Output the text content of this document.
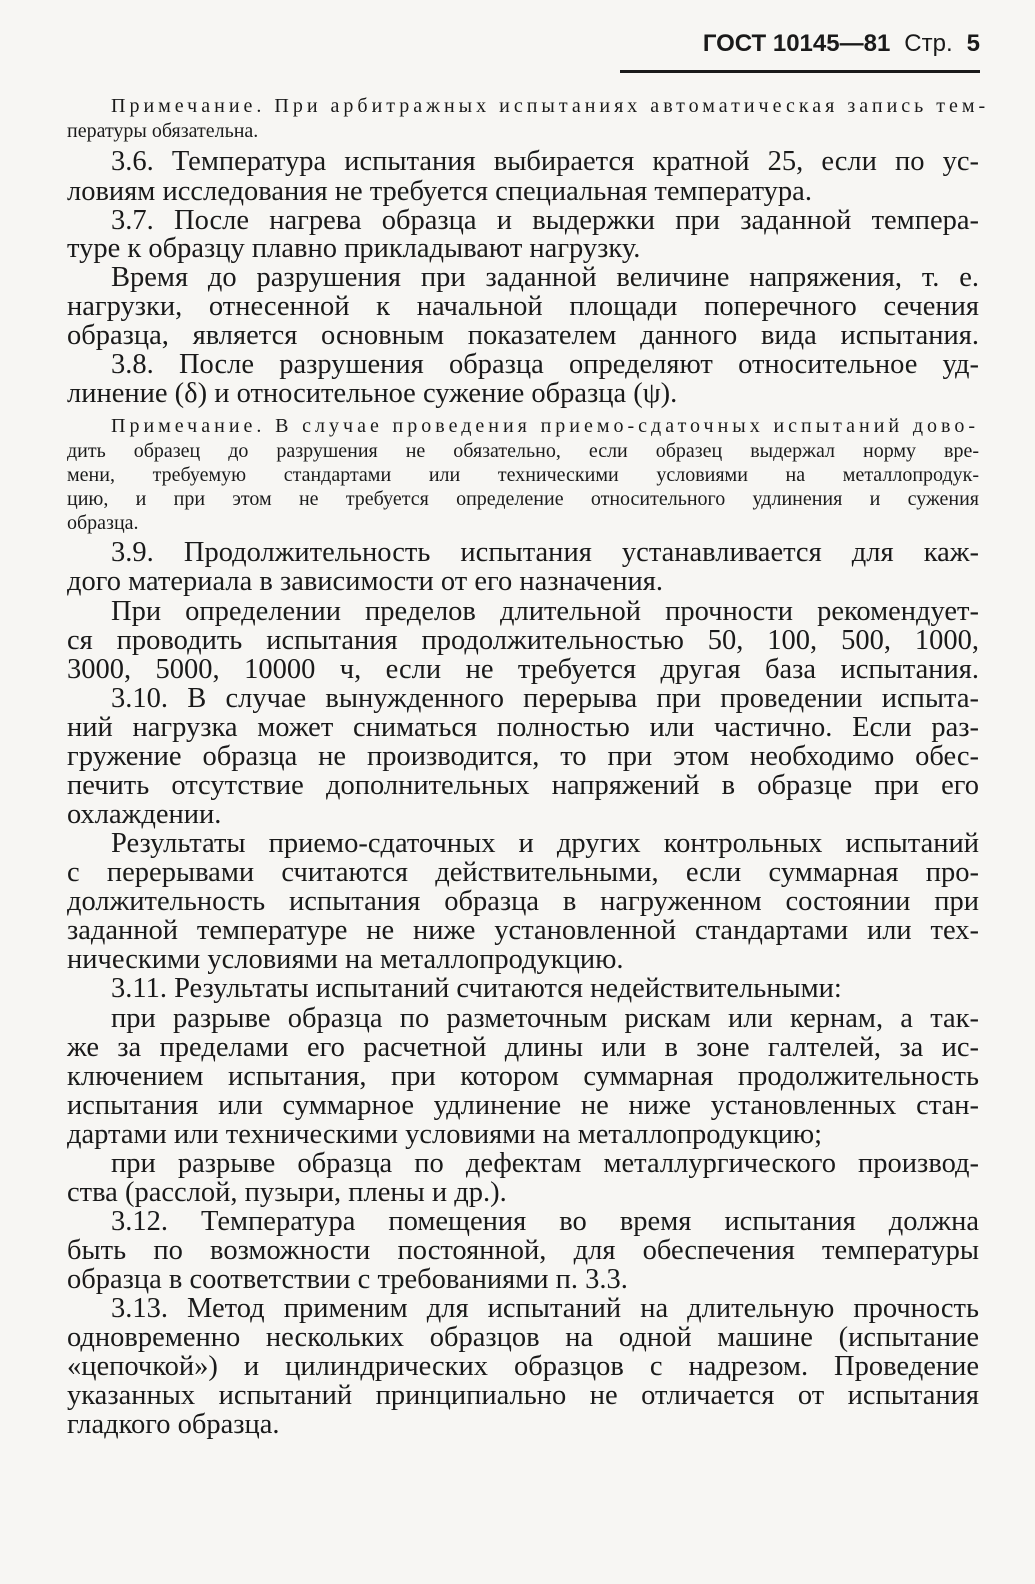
ГОСТ 10145—81 Стр. 5
Примечание. При арбитражных испытаниях автоматическая запись тем-
пературы обязательна.
3.6. Температура испытания выбирается кратной 25, если по ус-
ловиям исследования не требуется специальная температура.
3.7. После нагрева образца и выдержки при заданной темпера-
туре к образцу плавно прикладывают нагрузку.
Время до разрушения при заданной величине напряжения, т. е.
нагрузки, отнесенной к начальной площади поперечного сечения
образца, является основным показателем данного вида испытания.
3.8. После разрушения образца определяют относительное уд-
линение (δ) и относительное сужение образца (ψ).
Примечание. В случае проведения приемо-сдаточных испытаний дово-
дить образец до разрушения не обязательно, если образец выдержал норму вре-
мени, требуемую стандартами или техническими условиями на металлопродук-
цию, и при этом не требуется определение относительного удлинения и сужения
образца.
3.9. Продолжительность испытания устанавливается для каж-
дого материала в зависимости от его назначения.
При определении пределов длительной прочности рекомендует-
ся проводить испытания продолжительностью 50, 100, 500, 1000,
3000, 5000, 10000 ч, если не требуется другая база испытания.
3.10. В случае вынужденного перерыва при проведении испыта-
ний нагрузка может сниматься полностью или частично. Если раз-
гружение образца не производится, то при этом необходимо обес-
печить отсутствие дополнительных напряжений в образце при его
охлаждении.
Результаты приемо-сдаточных и других контрольных испытаний
с перерывами считаются действительными, если суммарная про-
должительность испытания образца в нагруженном состоянии при
заданной температуре не ниже установленной стандартами или тех-
ническими условиями на металлопродукцию.
3.11. Результаты испытаний считаются недействительными:
при разрыве образца по разметочным рискам или кернам, а так-
же за пределами его расчетной длины или в зоне галтелей, за ис-
ключением испытания, при котором суммарная продолжительность
испытания или суммарное удлинение не ниже установленных стан-
дартами или техническими условиями на металлопродукцию;
при разрыве образца по дефектам металлургического производ-
ства (расслой, пузыри, плены и др.).
3.12. Температура помещения во время испытания должна
быть по возможности постоянной, для обеспечения температуры
образца в соответствии с требованиями п. 3.3.
3.13. Метод применим для испытаний на длительную прочность
одновременно нескольких образцов на одной машине (испытание
«цепочкой») и цилиндрических образцов с надрезом. Проведение
указанных испытаний принципиально не отличается от испытания
гладкого образца.
